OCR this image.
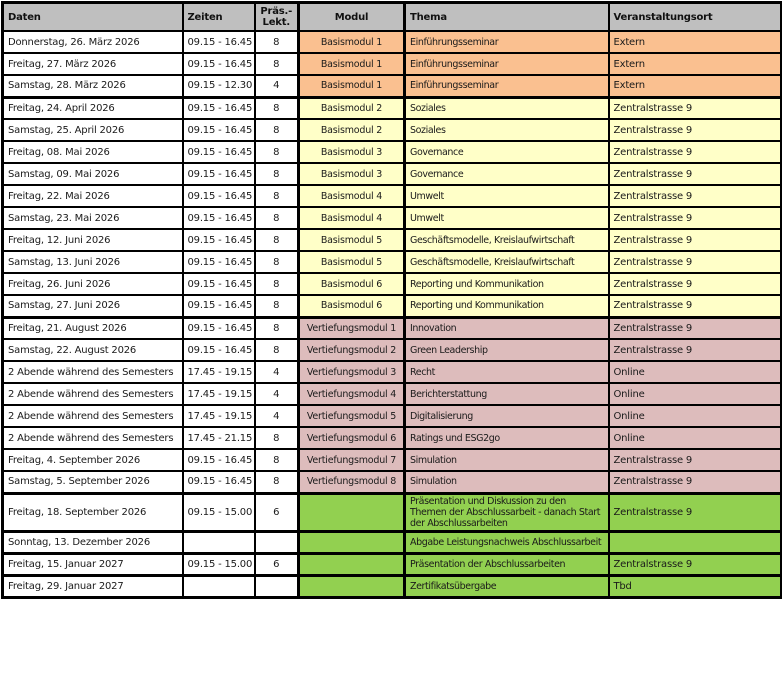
Daten	Zeiten	Präs.-Lekt.	Modul	Thema	Veranstaltungsort
Donnerstag, 26. März 2026	09.15 - 16.45	8	Basismodul 1	Einführungsseminar	Extern
Freitag, 27. März 2026	09.15 - 16.45	8	Basismodul 1	Einführungsseminar	Extern
Samstag, 28. März 2026	09.15 - 12.30	4	Basismodul 1	Einführungsseminar	Extern
Freitag, 24. April 2026	09.15 - 16.45	8	Basismodul 2	Soziales	Zentralstrasse 9
Samstag, 25. April 2026	09.15 - 16.45	8	Basismodul 2	Soziales	Zentralstrasse 9
Freitag, 08. Mai 2026	09.15 - 16.45	8	Basismodul 3	Governance	Zentralstrasse 9
Samstag, 09. Mai 2026	09.15 - 16.45	8	Basismodul 3	Governance	Zentralstrasse 9
Freitag, 22. Mai 2026	09.15 - 16.45	8	Basismodul 4	Umwelt	Zentralstrasse 9
Samstag, 23. Mai 2026	09.15 - 16.45	8	Basismodul 4	Umwelt	Zentralstrasse 9
Freitag, 12. Juni 2026	09.15 - 16.45	8	Basismodul 5	Geschäftsmodelle, Kreislaufwirtschaft	Zentralstrasse 9
Samstag, 13. Juni 2026	09.15 - 16.45	8	Basismodul 5	Geschäftsmodelle, Kreislaufwirtschaft	Zentralstrasse 9
Freitag, 26. Juni 2026	09.15 - 16.45	8	Basismodul 6	Reporting und Kommunikation	Zentralstrasse 9
Samstag, 27. Juni 2026	09.15 - 16.45	8	Basismodul 6	Reporting und Kommunikation	Zentralstrasse 9
Freitag, 21. August 2026	09.15 - 16.45	8	Vertiefungsmodul 1	Innovation	Zentralstrasse 9
Samstag, 22. August 2026	09.15 - 16.45	8	Vertiefungsmodul 2	Green Leadership	Zentralstrasse 9
2 Abende während des Semesters	17.45 - 19.15	4	Vertiefungsmodul 3	Recht	Online
2 Abende während des Semesters	17.45 - 19.15	4	Vertiefungsmodul 4	Berichterstattung	Online
2 Abende während des Semesters	17.45 - 19.15	4	Vertiefungsmodul 5	Digitalisierung	Online
2 Abende während des Semesters	17.45 - 21.15	8	Vertiefungsmodul 6	Ratings und ESG2go	Online
Freitag, 4. September 2026	09.15 - 16.45	8	Vertiefungsmodul 7	Simulation	Zentralstrasse 9
Samstag, 5. September 2026	09.15 - 16.45	8	Vertiefungsmodul 8	Simulation	Zentralstrasse 9
Freitag, 18. September 2026	09.15 - 15.00	6		Präsentation und Diskussion zu den Themen der Abschlussarbeit - danach Start der Abschlussarbeiten	Zentralstrasse 9
Sonntag, 13. Dezember 2026				Abgabe Leistungsnachweis Abschlussarbeit	
Freitag, 15. Januar 2027	09.15 - 15.00	6		Präsentation der Abschlussarbeiten	Zentralstrasse 9
Freitag, 29. Januar 2027				Zertifikatsübergabe	Tbd
